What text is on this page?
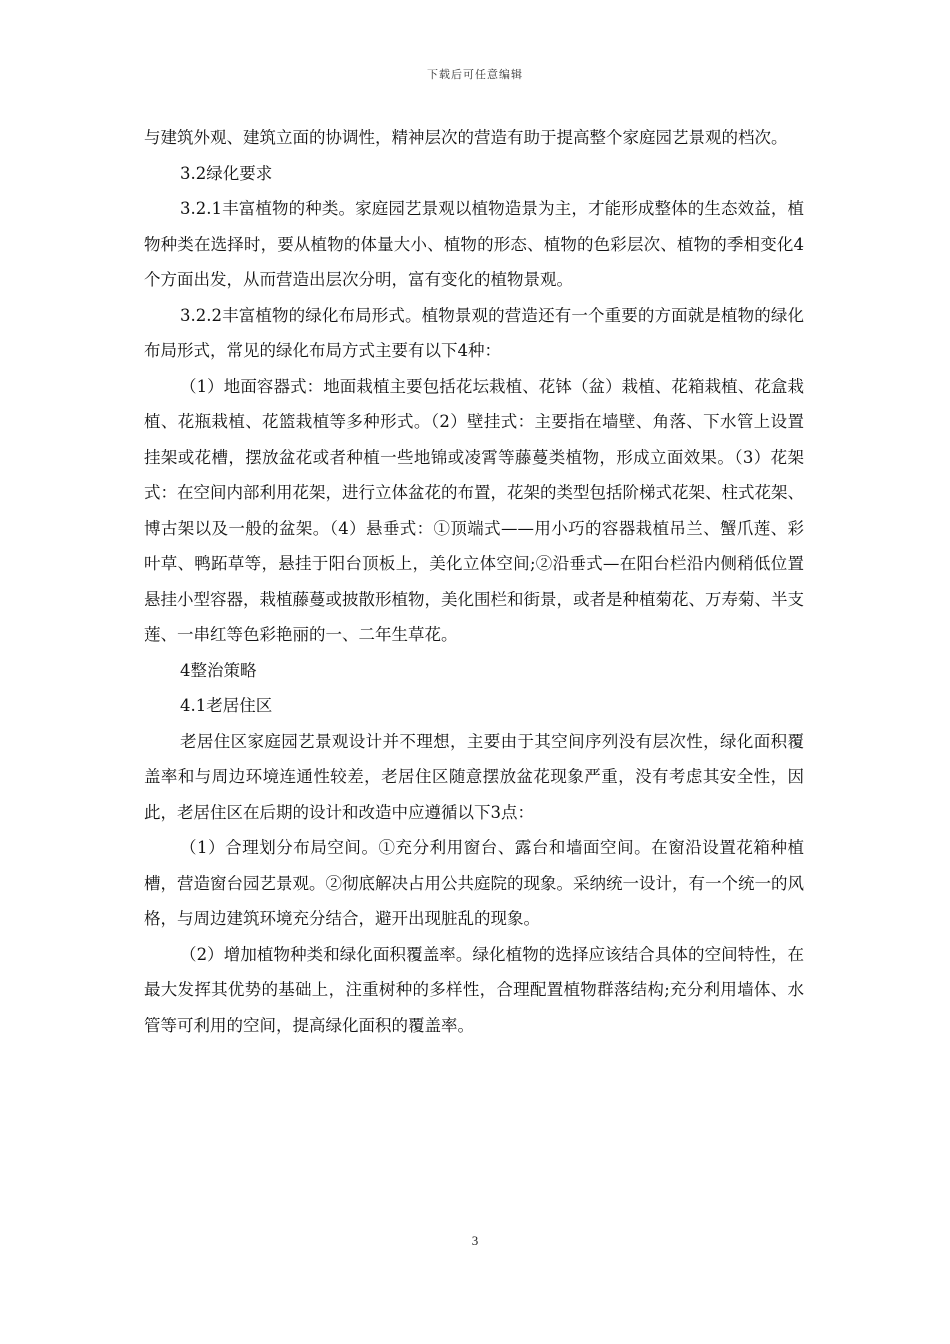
下载后可任意编辑

与建筑外观、建筑立面的协调性，精神层次的营造有助于提高整个家庭园艺景观的档次。

3.2绿化要求

3.2.1丰富植物的种类。家庭园艺景观以植物造景为主，才能形成整体的生态效益，植物种类在选择时，要从植物的体量大小、植物的形态、植物的色彩层次、植物的季相变化4个方面出发，从而营造出层次分明，富有变化的植物景观。

3.2.2丰富植物的绿化布局形式。植物景观的营造还有一个重要的方面就是植物的绿化布局形式，常见的绿化布局方式主要有以下4种：

（1）地面容器式：地面栽植主要包括花坛栽植、花钵（盆）栽植、花箱栽植、花盒栽植、花瓶栽植、花篮栽植等多种形式。（2）壁挂式：主要指在墙壁、角落、下水管上设置挂架或花槽，摆放盆花或者种植一些地锦或凌霄等藤蔓类植物，形成立面效果。（3）花架式：在空间内部利用花架，进行立体盆花的布置，花架的类型包括阶梯式花架、柱式花架、博古架以及一般的盆架。（4）悬垂式：①顶端式——用小巧的容器栽植吊兰、蟹爪莲、彩叶草、鸭跖草等，悬挂于阳台顶板上，美化立体空间;②沿垂式—在阳台栏沿内侧稍低位置悬挂小型容器，栽植藤蔓或披散形植物，美化围栏和街景，或者是种植菊花、万寿菊、半支莲、一串红等色彩艳丽的一、二年生草花。

4整治策略

4.1老居住区

老居住区家庭园艺景观设计并不理想，主要由于其空间序列没有层次性，绿化面积覆盖率和与周边环境连通性较差，老居住区随意摆放盆花现象严重，没有考虑其安全性，因此，老居住区在后期的设计和改造中应遵循以下3点：

（1）合理划分布局空间。①充分利用窗台、露台和墙面空间。在窗沿设置花箱种植槽，营造窗台园艺景观。②彻底解决占用公共庭院的现象。采纳统一设计，有一个统一的风格，与周边建筑环境充分结合，避开出现脏乱的现象。

（2）增加植物种类和绿化面积覆盖率。绿化植物的选择应该结合具体的空间特性，在最大发挥其优势的基础上，注重树种的多样性，合理配置植物群落结构;充分利用墙体、水管等可利用的空间，提高绿化面积的覆盖率。

3
